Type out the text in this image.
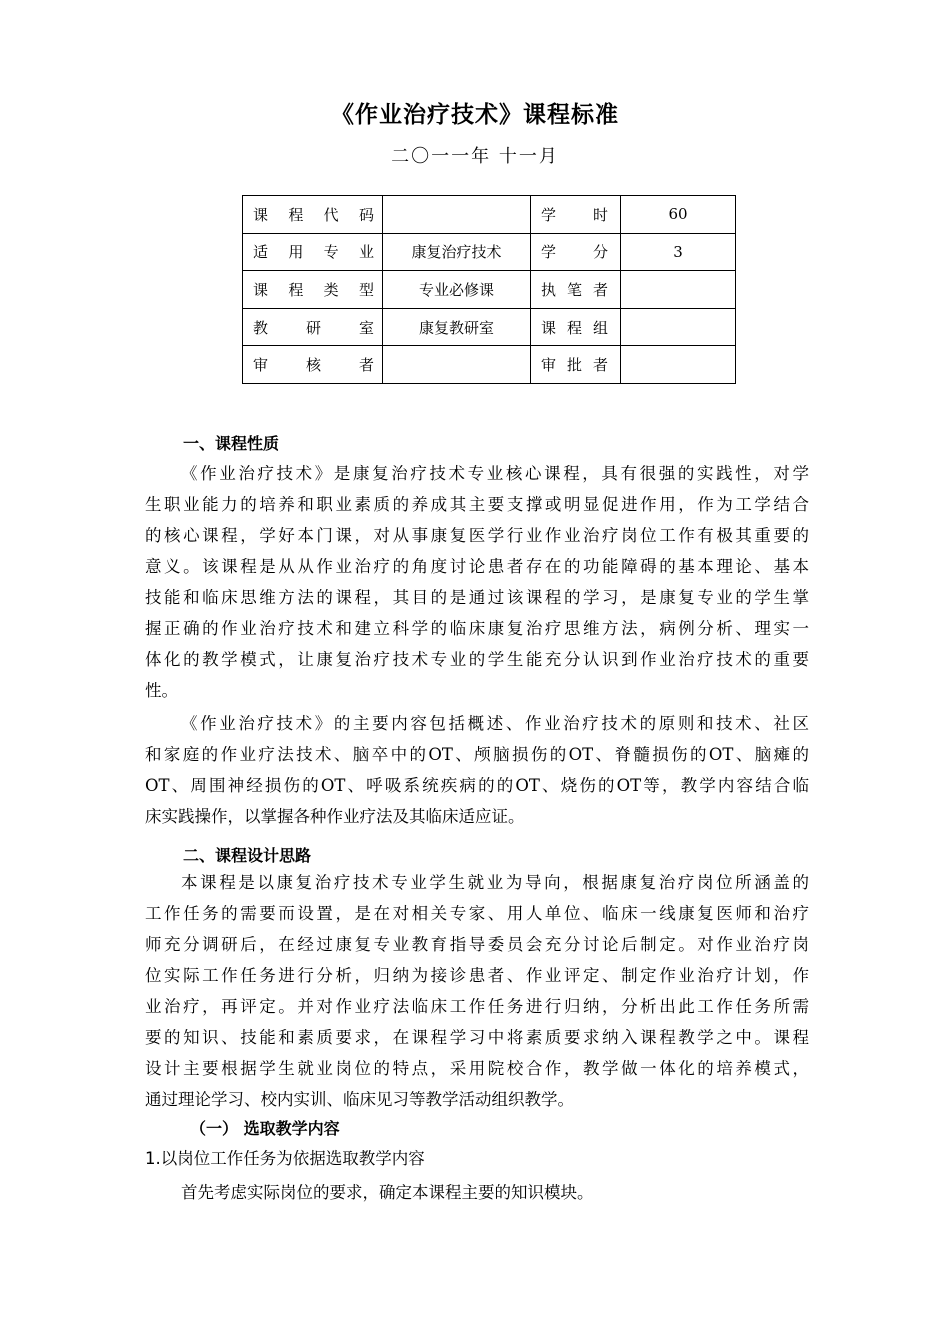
《作业治疗技术》课程标准
二〇一一年 十一月
课程代码		学时	60
适用专业	康复治疗技术	学分	3
课程类型	专业必修课	执笔者	
教研室	康复教研室	课程组	
审核者		审批者	
一、课程性质
《作业治疗技术》是康复治疗技术专业核心课程，具有很强的实践性，对学
生职业能力的培养和职业素质的养成其主要支撑或明显促进作用，作为工学结合
的核心课程，学好本门课，对从事康复医学行业作业治疗岗位工作有极其重要的
意义。该课程是从从作业治疗的角度讨论患者存在的功能障碍的基本理论、基本
技能和临床思维方法的课程，其目的是通过该课程的学习，是康复专业的学生掌
握正确的作业治疗技术和建立科学的临床康复治疗思维方法，病例分析、理实一
体化的教学模式，让康复治疗技术专业的学生能充分认识到作业治疗技术的重要
性。
《作业治疗技术》的主要内容包括概述、作业治疗技术的原则和技术、社区
和家庭的作业疗法技术、脑卒中的OT、颅脑损伤的OT、脊髓损伤的OT、脑瘫的
OT、周围神经损伤的OT、呼吸系统疾病的的OT、烧伤的OT等，教学内容结合临
床实践操作，以掌握各种作业疗法及其临床适应证。
二、课程设计思路
本课程是以康复治疗技术专业学生就业为导向，根据康复治疗岗位所涵盖的
工作任务的需要而设置，是在对相关专家、用人单位、临床一线康复医师和治疗
师充分调研后，在经过康复专业教育指导委员会充分讨论后制定。对作业治疗岗
位实际工作任务进行分析，归纳为接诊患者、作业评定、制定作业治疗计划，作
业治疗，再评定。并对作业疗法临床工作任务进行归纳，分析出此工作任务所需
要的知识、技能和素质要求，在课程学习中将素质要求纳入课程教学之中。课程
设计主要根据学生就业岗位的特点，采用院校合作，教学做一体化的培养模式，
通过理论学习、校内实训、临床见习等教学活动组织教学。
（一） 选取教学内容
1.以岗位工作任务为依据选取教学内容
首先考虑实际岗位的要求，确定本课程主要的知识模块。
